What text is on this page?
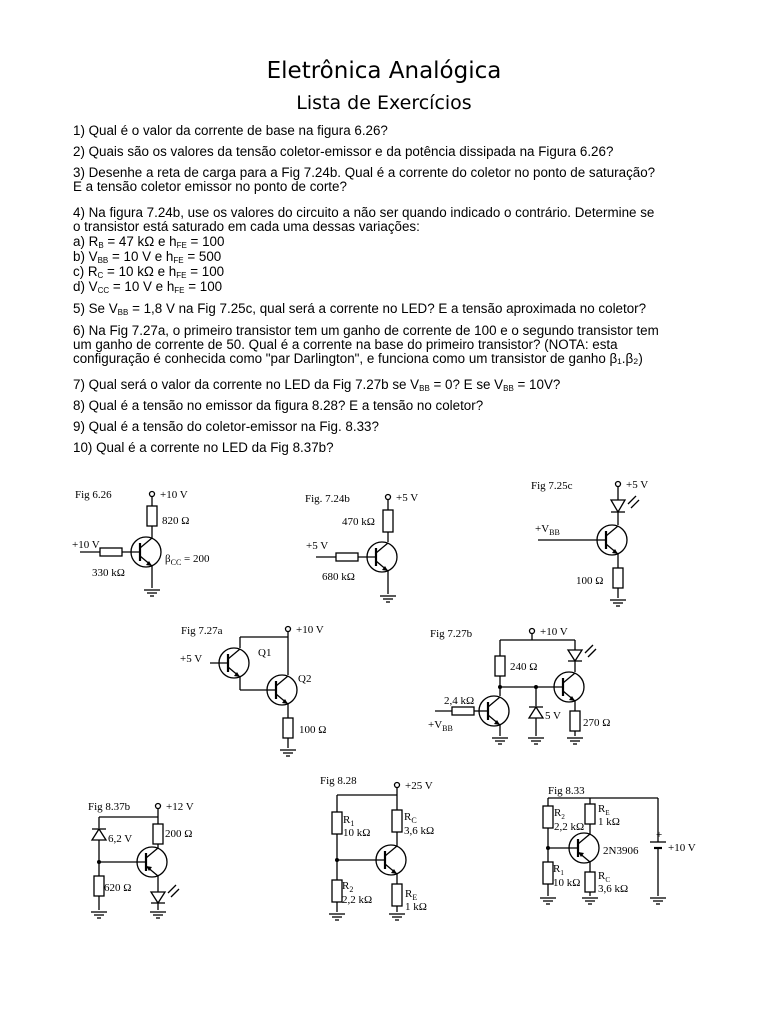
Eletrônica Analógica
Lista de Exercícios
1) Qual é o valor da corrente de base na figura 6.26?
2) Quais são os valores da tensão coletor-emissor e da potência dissipada na Figura 6.26?
3) Desenhe a reta de carga para a Fig 7.24b. Qual é a corrente do coletor no ponto de saturação?
E a tensão coletor emissor no ponto de corte?
4) Na figura 7.24b, use os valores do circuito a não ser quando indicado o contrário. Determine se
o transistor está saturado em cada uma dessas variações:
a) $R_B = 47$ kΩ e $h_{FE} = 100$
b) $V_{BB} = 10$ V e $h_{FE} = 500$
c) $R_C = 10$ kΩ e $h_{FE} = 100$
d) $V_{CC} = 10$ V e $h_{FE} = 100$
5) Se $V_{BB} = 1,8$ V na Fig 7.25c, qual será a corrente no LED? E a tensão aproximada no coletor?
6) Na Fig 7.27a, o primeiro transistor tem um ganho de corrente de 100 e o segundo transistor tem
um ganho de corrente de 50. Qual é a corrente na base do primeiro transistor? (NOTA: esta
configuração é conhecida como "par Darlington", e funciona como um transistor de ganho β₁.β₂)
7) Qual será o valor da corrente no LED da Fig 7.27b se $V_{BB} = 0$? E se $V_{BB} = 10V$?
8) Qual é a tensão no emissor da figura 8.28? E a tensão no coletor?
9) Qual é a tensão do coletor-emissor na Fig. 8.33?
10) Qual é a corrente no LED da Fig 8.37b?
Fig 6.26	+10 V
820 Ω
+10 V
330 kΩ
$\beta_{CC} = 200$
Fig. 7.24b	+5 V
470 kΩ
+5 V
680 kΩ
Fig 7.25c	+5 V
100 Ω
$+V_{BB}$
Fig 7.27a	+10 V
Q1
+5 V
Q2
100 Ω
Fig 7.27b	+10 V
240 Ω
5 V
270 Ω
2,4 kΩ
$+V_{BB}$
Fig 8.37b	+12 V
6,2 V	200 Ω
620 Ω
Fig 8.28	+25 V
$R_1$
10 kΩ
$R_C$
3,6 kΩ
$R_2$
2,2 kΩ	$R_E$
1 kΩ
Fig 8.33
$R_2$
2,2 kΩ
$R_E$
1 kΩ
2N3906
$R_1$
10 kΩ
$R_C$
3,6 kΩ
+
+10 V
